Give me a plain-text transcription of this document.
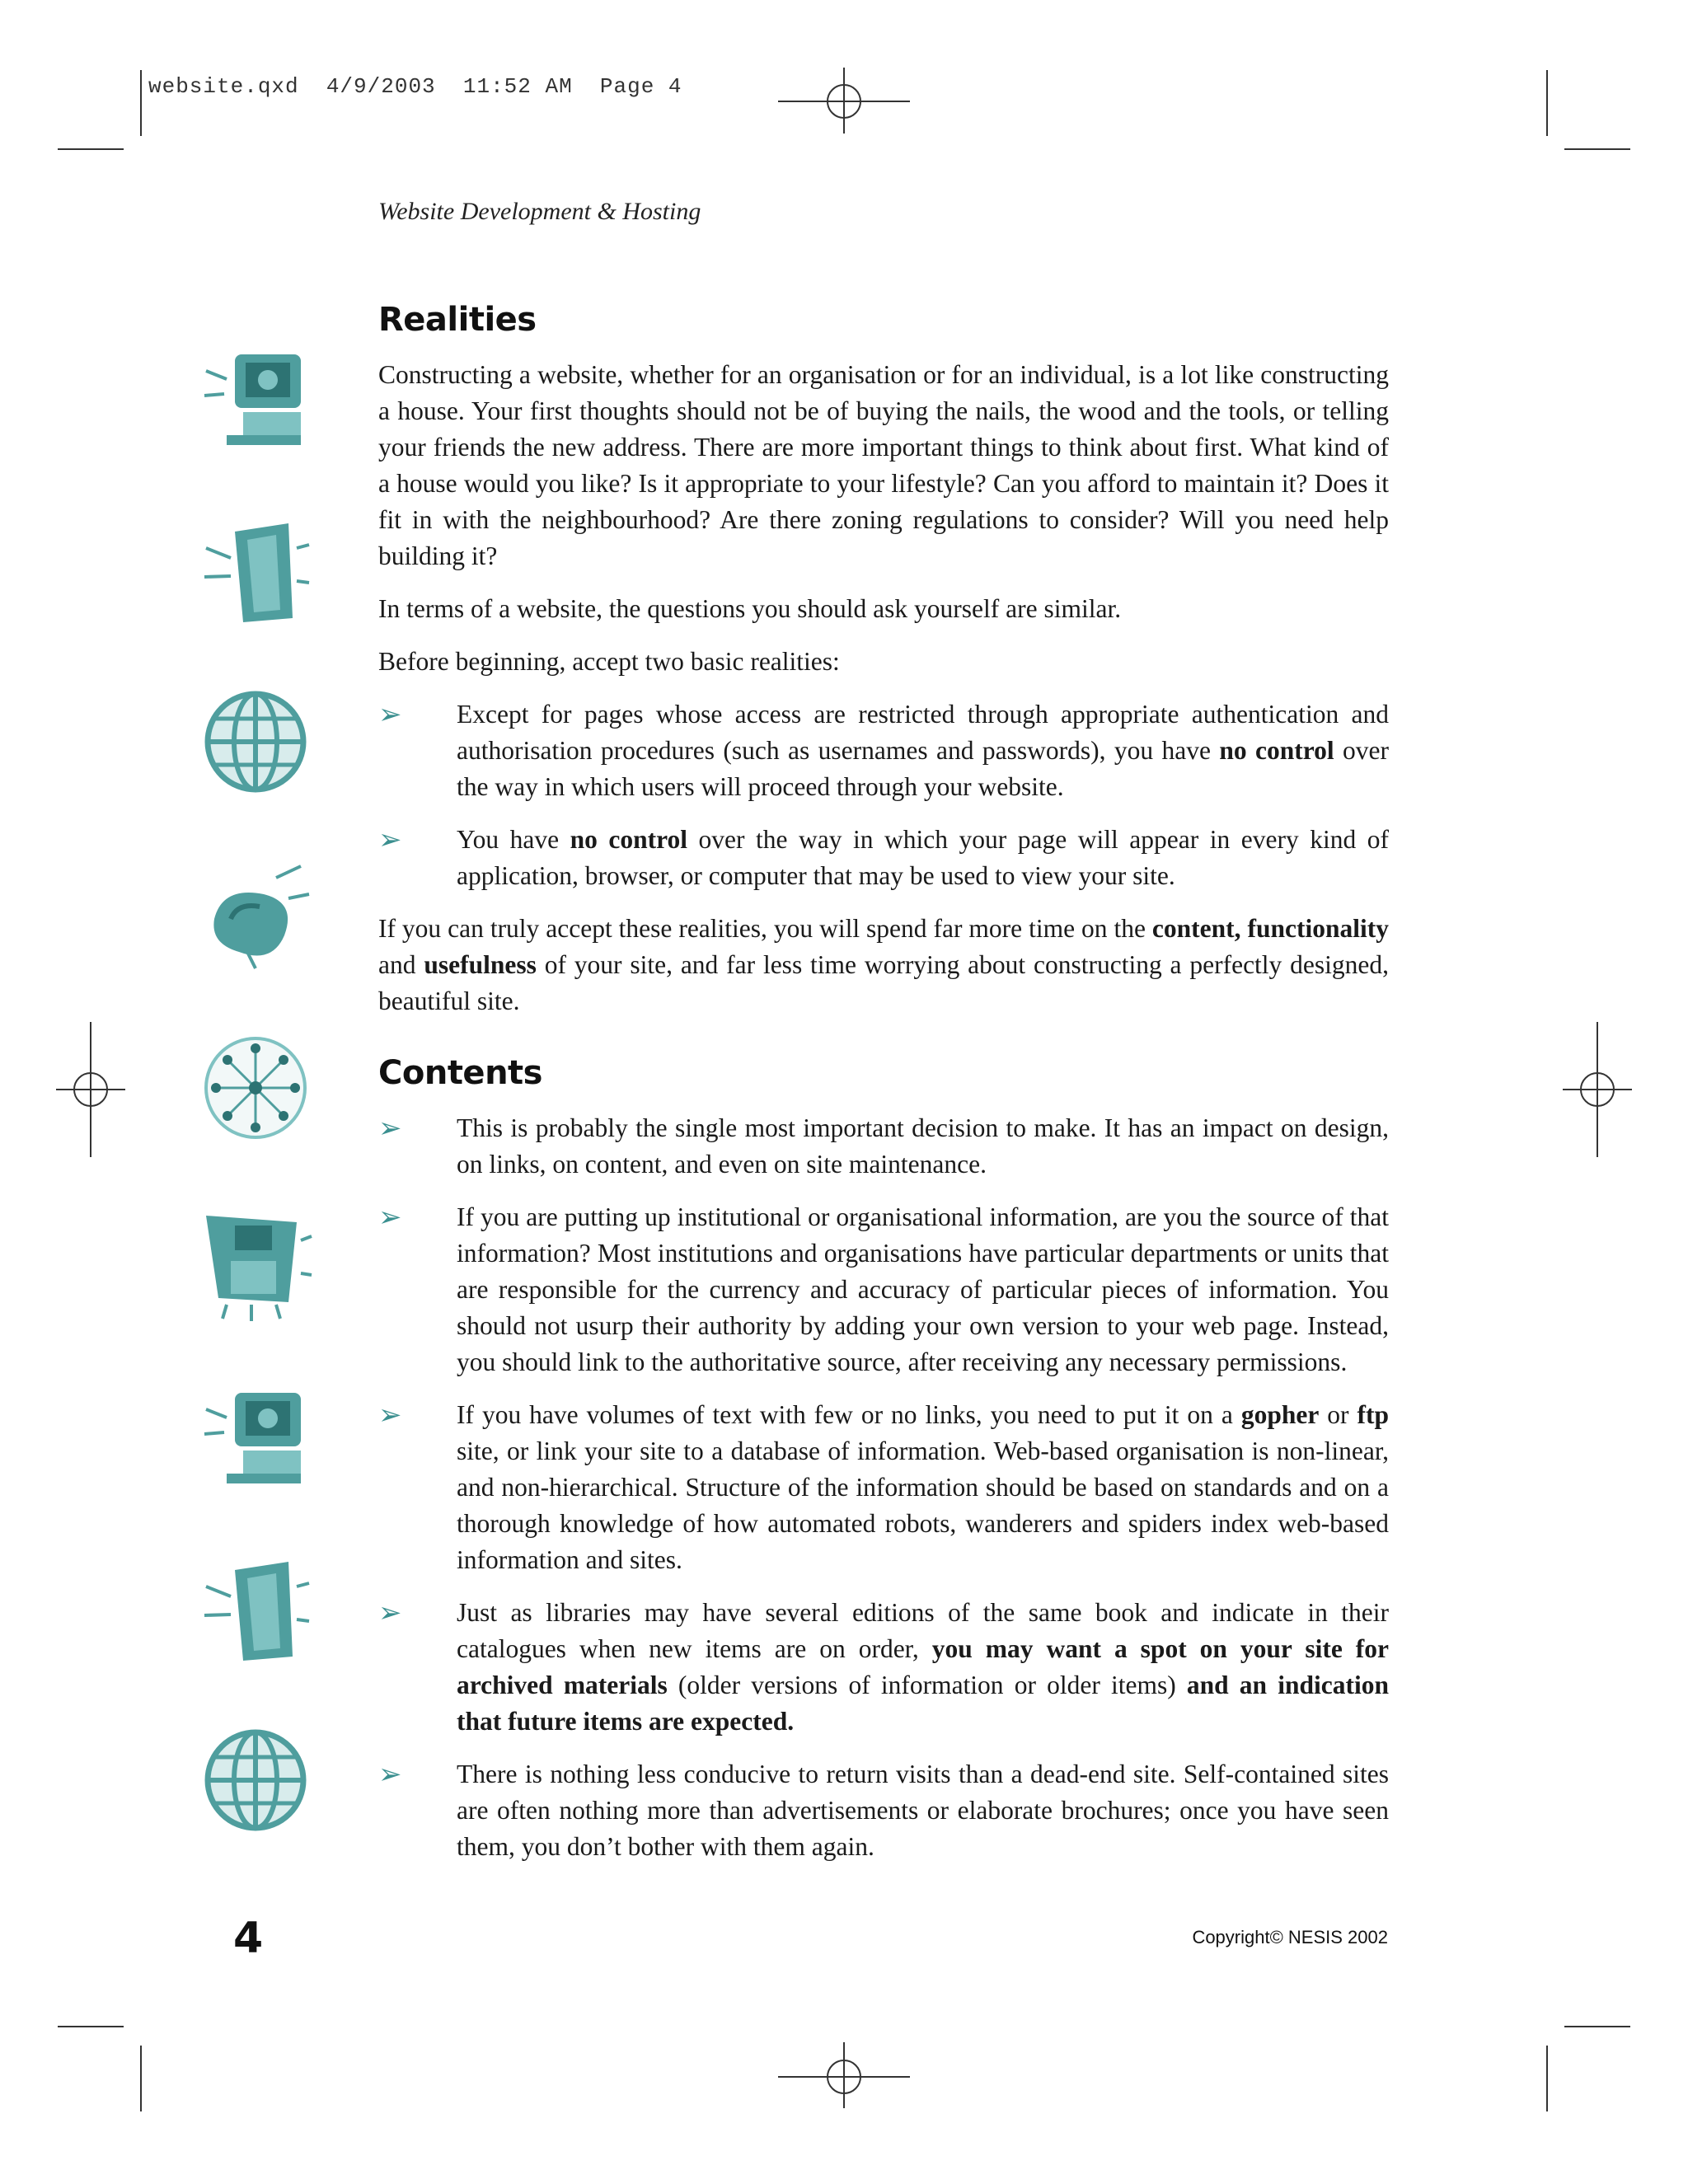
website.qxd  4/9/2003  11:52 AM  Page 4
Website Development & Hosting
Realities

Constructing a website, whether for an organisation or for an individual, is a lot like constructing a house. Your first thoughts should not be of buying the nails, the wood and the tools, or telling your friends the new address. There are more important things to think about first. What kind of a house would you like? Is it appropriate to your lifestyle? Can you afford to maintain it? Does it fit in with the neighbourhood? Are there zoning regulations to consider? Will you need help building it?

In terms of a website, the questions you should ask yourself are similar.

Before beginning, accept two basic realities:

➢ Except for pages whose access are restricted through appropriate authentication and authorisation procedures (such as usernames and passwords), you have no control over the way in which users will proceed through your website.

➢ You have no control over the way in which your page will appear in every kind of application, browser, or computer that may be used to view your site.

If you can truly accept these realities, you will spend far more time on the content, functionality and usefulness of your site, and far less time worrying about constructing a perfectly designed, beautiful site.

Contents
➢ This is probably the single most important decision to make. It has an impact on design, on links, on content, and even on site maintenance.

➢ If you are putting up institutional or organisational information, are you the source of that information? Most institutions and organisations have particular departments or units that are responsible for the currency and accuracy of particular pieces of information. You should not usurp their authority by adding your own version to your web page. Instead, you should link to the authoritative source, after receiving any necessary permissions.

➢ If you have volumes of text with few or no links, you need to put it on a gopher or ftp site, or link your site to a database of information. Web-based organisation is non-linear, and non-hierarchical. Structure of the information should be based on standards and on a thorough knowledge of how automated robots, wanderers and spiders index web-based information and sites.

➢ Just as libraries may have several editions of the same book and indicate in their catalogues when new items are on order, you may want a spot on your site for archived materials (older versions of information or older items) and an indication that future items are expected.

➢ There is nothing less conducive to return visits than a dead-end site. Self-contained sites are often nothing more than advertisements or elaborate brochures; once you have seen them, you don’t bother with them again.

4	Copyright© NESIS 2002
